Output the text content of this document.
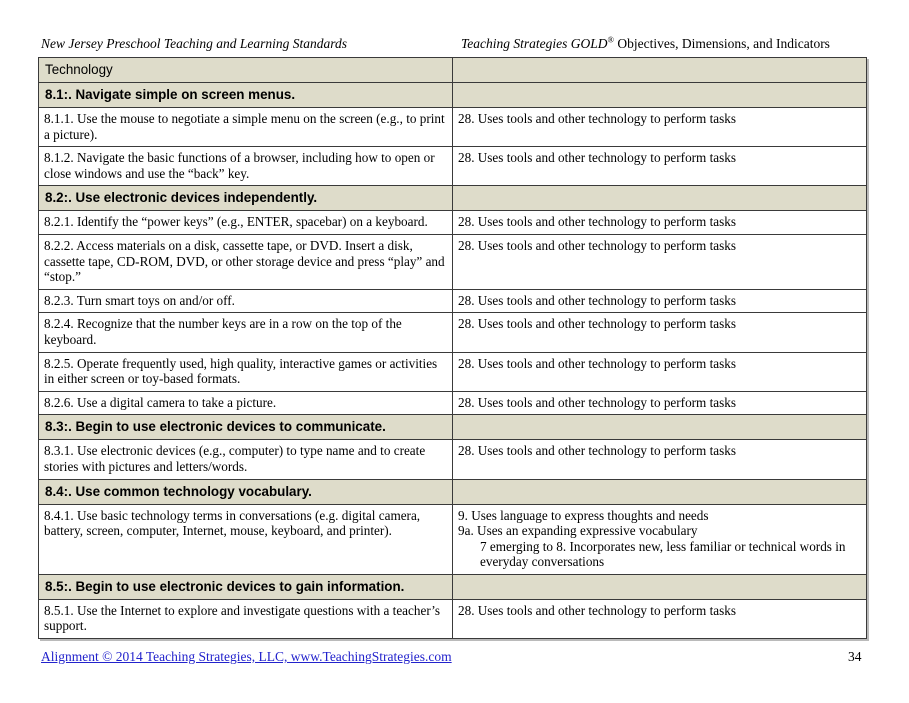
New Jersey Preschool Teaching and Learning Standards	Teaching Strategies GOLD® Objectives, Dimensions, and Indicators
Technology	
8.1:. Navigate simple on screen menus.	
8.1.1. Use the mouse to negotiate a simple menu on the screen (e.g., to print a picture).	28. Uses tools and other technology to perform tasks
8.1.2. Navigate the basic functions of a browser, including how to open or close windows and use the “back” key.	28. Uses tools and other technology to perform tasks
8.2:. Use electronic devices independently.	
8.2.1. Identify the “power keys” (e.g., ENTER, spacebar) on a keyboard.	28. Uses tools and other technology to perform tasks
8.2.2. Access materials on a disk, cassette tape, or DVD. Insert a disk, cassette tape, CD-ROM, DVD, or other storage device and press “play” and “stop.”	28. Uses tools and other technology to perform tasks
8.2.3. Turn smart toys on and/or off.	28. Uses tools and other technology to perform tasks
8.2.4. Recognize that the number keys are in a row on the top of the keyboard.	28. Uses tools and other technology to perform tasks
8.2.5. Operate frequently used, high quality, interactive games or activities in either screen or toy-based formats.	28. Uses tools and other technology to perform tasks
8.2.6. Use a digital camera to take a picture.	28. Uses tools and other technology to perform tasks
8.3:. Begin to use electronic devices to communicate.	
8.3.1. Use electronic devices (e.g., computer) to type name and to create stories with pictures and letters/words.	28. Uses tools and other technology to perform tasks
8.4:. Use common technology vocabulary.	
8.4.1. Use basic technology terms in conversations (e.g. digital camera, battery, screen, computer, Internet, mouse, keyboard, and printer).	9. Uses language to express thoughts and needs
9a. Uses an expanding expressive vocabulary
7 emerging to 8. Incorporates new, less familiar or technical words in everyday conversations

8.5:. Begin to use electronic devices to gain information.	
8.5.1. Use the Internet to explore and investigate questions with a teacher’s support.	28. Uses tools and other technology to perform tasks
Alignment © 2014 Teaching Strategies, LLC, www.TeachingStrategies.com	34
